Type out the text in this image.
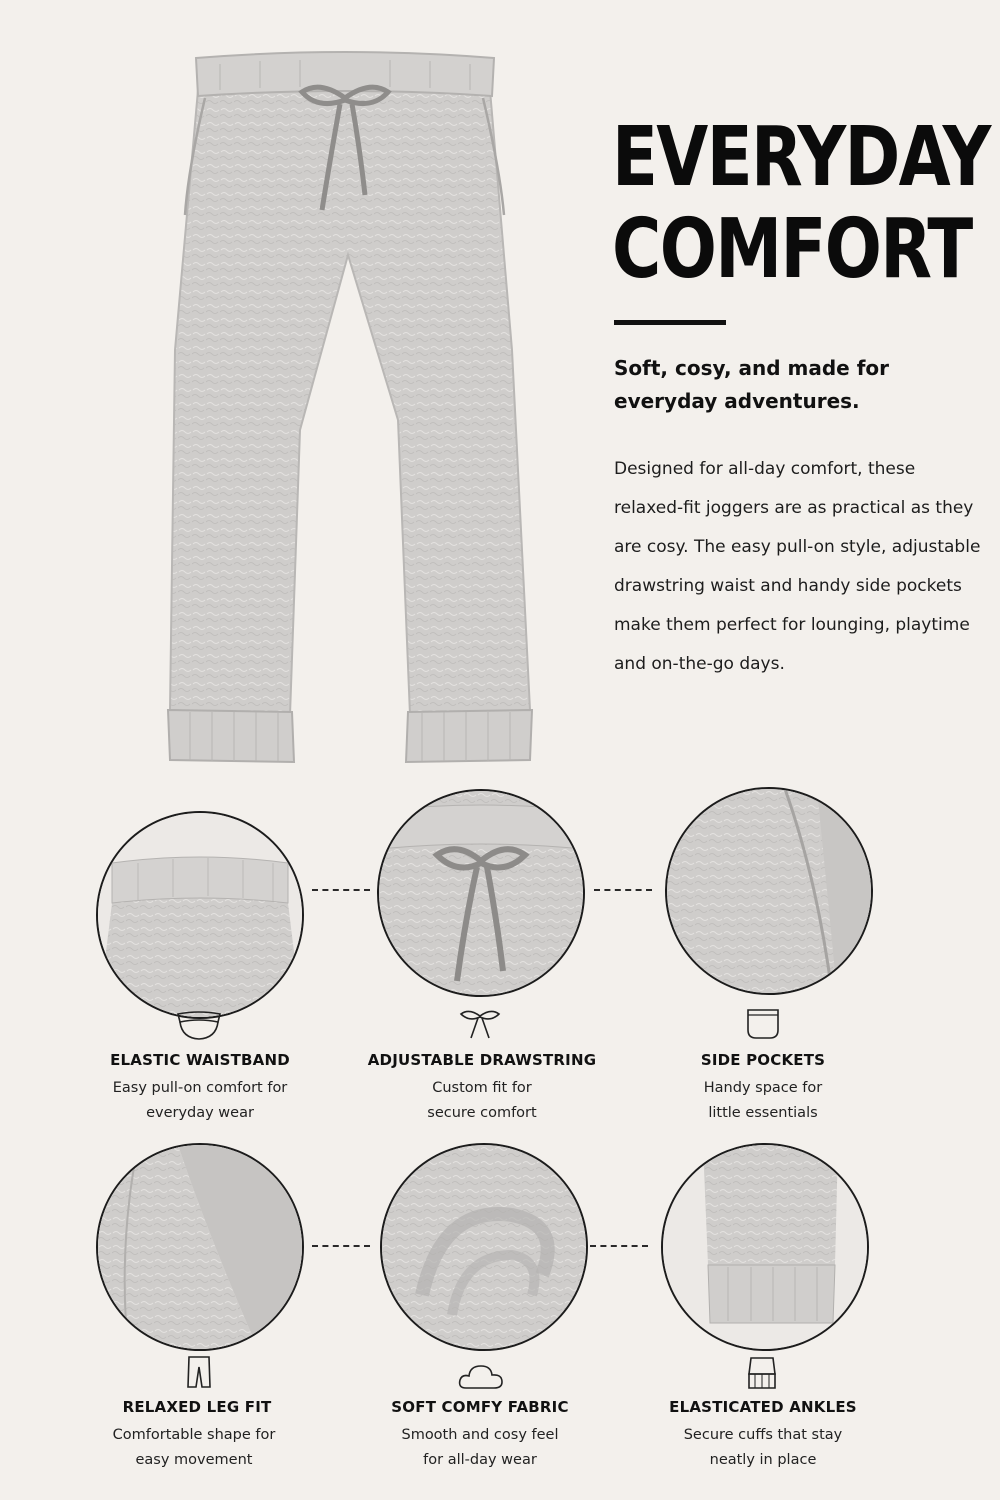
EVERYDAY
COMFORT
Soft, cosy, and made for everyday adventures.
Designed for all-day comfort, these relaxed-fit joggers are as practical as they are cosy. The easy pull-on style, adjustable drawstring waist and handy side pockets make them perfect for lounging, playtime and on-the-go days.
ELASTIC WAISTBAND
Easy pull-on comfort for
everyday wear
ADJUSTABLE DRAWSTRING
Custom fit for
secure comfort
SIDE POCKETS
Handy space for
little essentials
RELAXED LEG FIT
Comfortable shape for
easy movement
SOFT COMFY FABRIC
Smooth and cosy feel
for all-day wear
ELASTICATED ANKLES
Secure cuffs that stay
neatly in place
